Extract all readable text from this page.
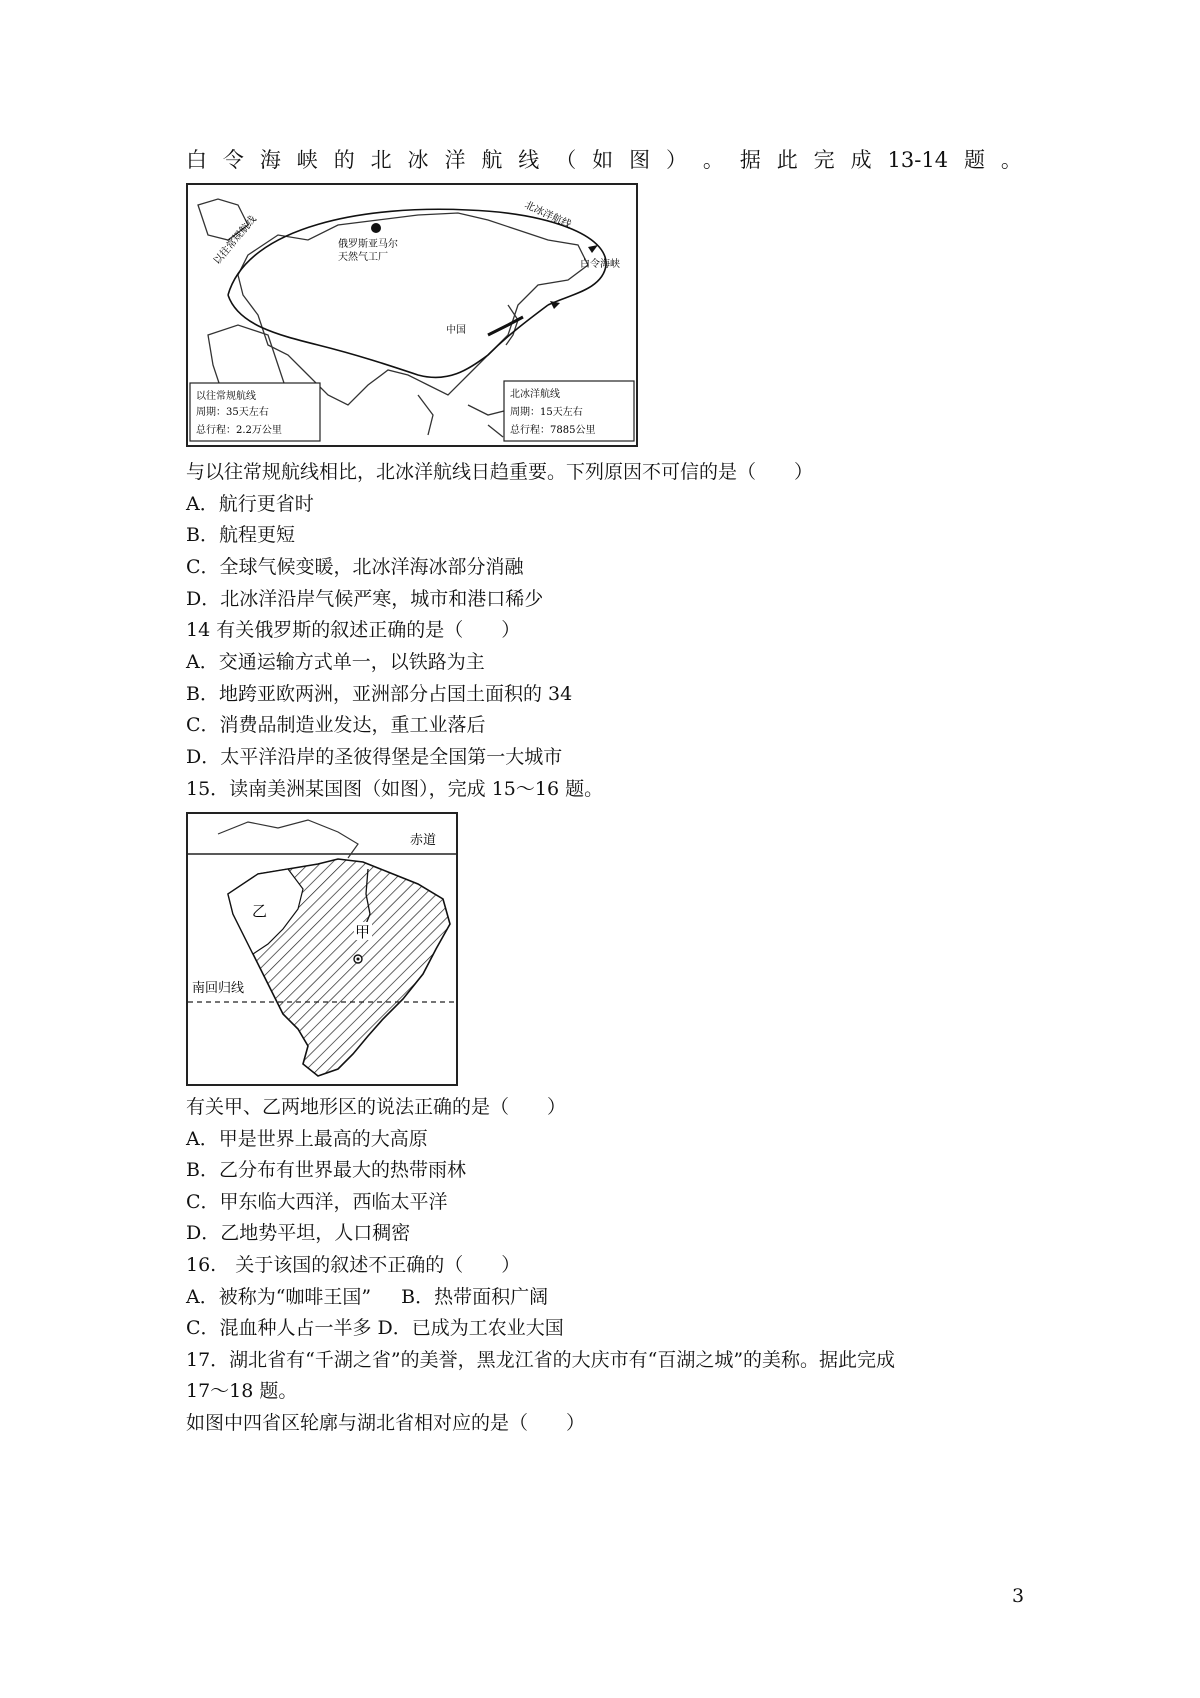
白 令 海 峡 的 北 冰 洋 航 线 （ 如 图 ） 。 据 此 完 成 13-14 题 。
北冰洋航线
以往常规航线	俄罗斯亚马尔
天然气工厂
白令海峡
中国
以往常规航线
周期：35天左右
总行程：2.2万公里
北冰洋航线
周期：15天左右
总行程：7885公里
与以往常规航线相比，北冰洋航线日趋重要。下列原因不可信的是（　　）
A．航行更省时
B．航程更短
C．全球气候变暖，北冰洋海冰部分消融
D．北冰洋沿岸气候严寒，城市和港口稀少
14 有关俄罗斯的叙述正确的是（　　）
A．交通运输方式单一，以铁路为主
B．地跨亚欧两洲，亚洲部分占国土面积的 34
C．消费品制造业发达，重工业落后
D．太平洋沿岸的圣彼得堡是全国第一大城市
15．读南美洲某国图（如图），完成 15～16 题。
赤道
南回归线
乙
甲
有关甲、乙两地形区的说法正确的是（　　）
A．甲是世界上最高的大高原
B．乙分布有世界最大的热带雨林
C．甲东临大西洋，西临太平洋
D．乙地势平坦，人口稠密
16.　关于该国的叙述不正确的（　　）
A．被称为“咖啡王国” B．热带面积广阔
C．混血种人占一半多 D．已成为工农业大国
17．湖北省有“千湖之省”的美誉，黑龙江省的大庆市有“百湖之城”的美称。据此完成
17～18 题。
如图中四省区轮廓与湖北省相对应的是（　　）
3
